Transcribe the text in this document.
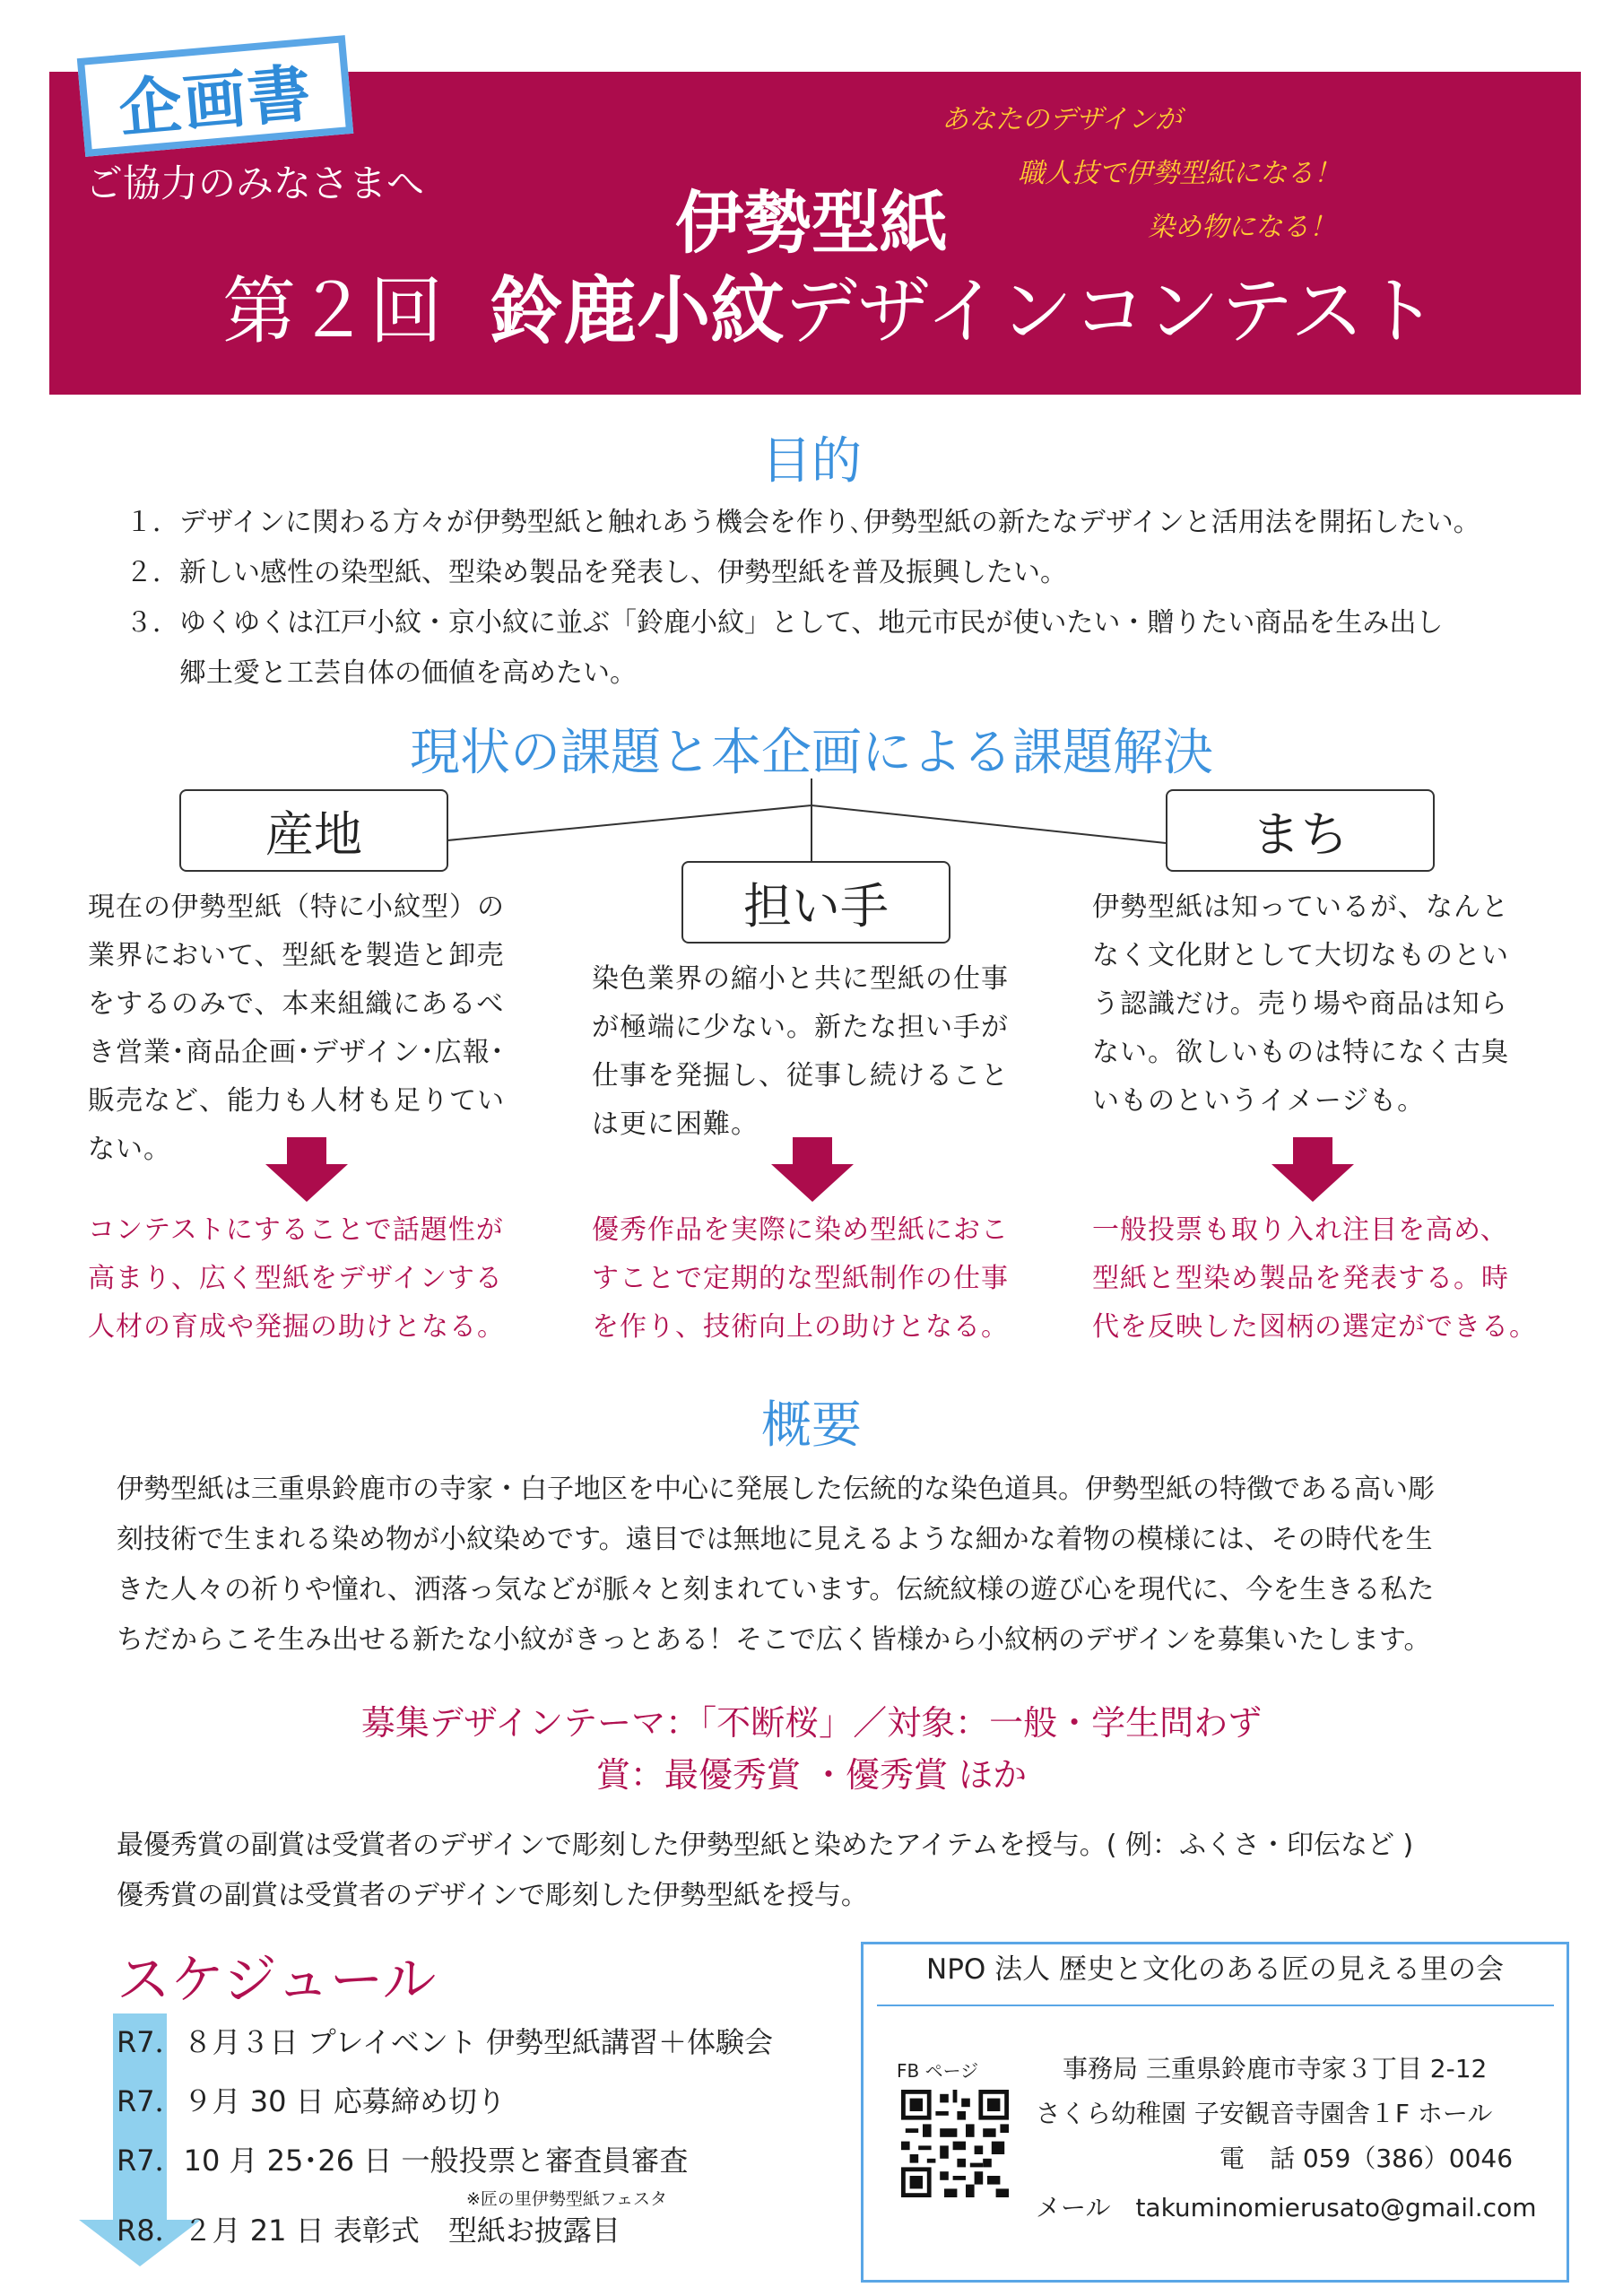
企画書
ご協力のみなさまへ
あなたのデザインが
職人技で伊勢型紙になる！
染め物になる！
伊勢型紙
第２回 鈴鹿小紋デザインコンテスト
目的
１．デザインに関わる方々が伊勢型紙と触れあう機会を作り､伊勢型紙の新たなデザインと活用法を開拓したい。
２．新しい感性の染型紙、型染め製品を発表し、伊勢型紙を普及振興したい。
３．ゆくゆくは江戸小紋・京小紋に並ぶ「鈴鹿小紋」として、地元市民が使いたい・贈りたい商品を生み出し
　　郷土愛と工芸自体の価値を高めたい。
現状の課題と本企画による課題解決
産地
担い手
まち
現在の伊勢型紙（特に小紋型）の
業界において、型紙を製造と卸売
をするのみで、本来組織にあるべ
き営業･商品企画･デザイン･広報･
販売など、能力も人材も足りてい
ない。
コンテストにすることで話題性が
高まり、広く型紙をデザインする
人材の育成や発掘の助けとなる。
染色業界の縮小と共に型紙の仕事
が極端に少ない。新たな担い手が
仕事を発掘し、従事し続けること
は更に困難。
優秀作品を実際に染め型紙におこ
すことで定期的な型紙制作の仕事
を作り、技術向上の助けとなる。
伊勢型紙は知っているが、なんと
なく文化財として大切なものとい
う認識だけ。売り場や商品は知ら
ない。欲しいものは特になく古臭
いものというイメージも。
一般投票も取り入れ注目を高め、
型紙と型染め製品を発表する。時
代を反映した図柄の選定ができる。
概要
伊勢型紙は三重県鈴鹿市の寺家・白子地区を中心に発展した伝統的な染色道具。伊勢型紙の特徴である高い彫
刻技術で生まれる染め物が小紋染めです。遠目では無地に見えるような細かな着物の模様には、その時代を生
きた人々の祈りや憧れ、洒落っ気などが脈々と刻まれています。伝統紋様の遊び心を現代に、今を生きる私た
ちだからこそ生み出せる新たな小紋がきっとある！そこで広く皆様から小紋柄のデザインを募集いたします。
募集デザインテーマ：「不断桜」／対象：一般・学生問わず
賞：最優秀賞 ・優秀賞 ほか
最優秀賞の副賞は受賞者のデザインで彫刻した伊勢型紙と染めたアイテムを授与。( 例：ふくさ・印伝など )
優秀賞の副賞は受賞者のデザインで彫刻した伊勢型紙を授与。
スケジュール
R7．８月３日 プレイベント 伊勢型紙講習＋体験会
R7．９月 30 日 応募締め切り
R7．10 月 25･26 日 一般投票と審査員審査
※匠の里伊勢型紙フェスタ
R8．２月 21 日 表彰式　型紙お披露目
NPO 法人 歴史と文化のある匠の見える里の会
FB ページ	事務局 三重県鈴鹿市寺家３丁目 2-12
さくら幼稚園 子安観音寺園舎１F ホール
電　話 059（386）0046
メール　takuminomierusato@gmail.com
